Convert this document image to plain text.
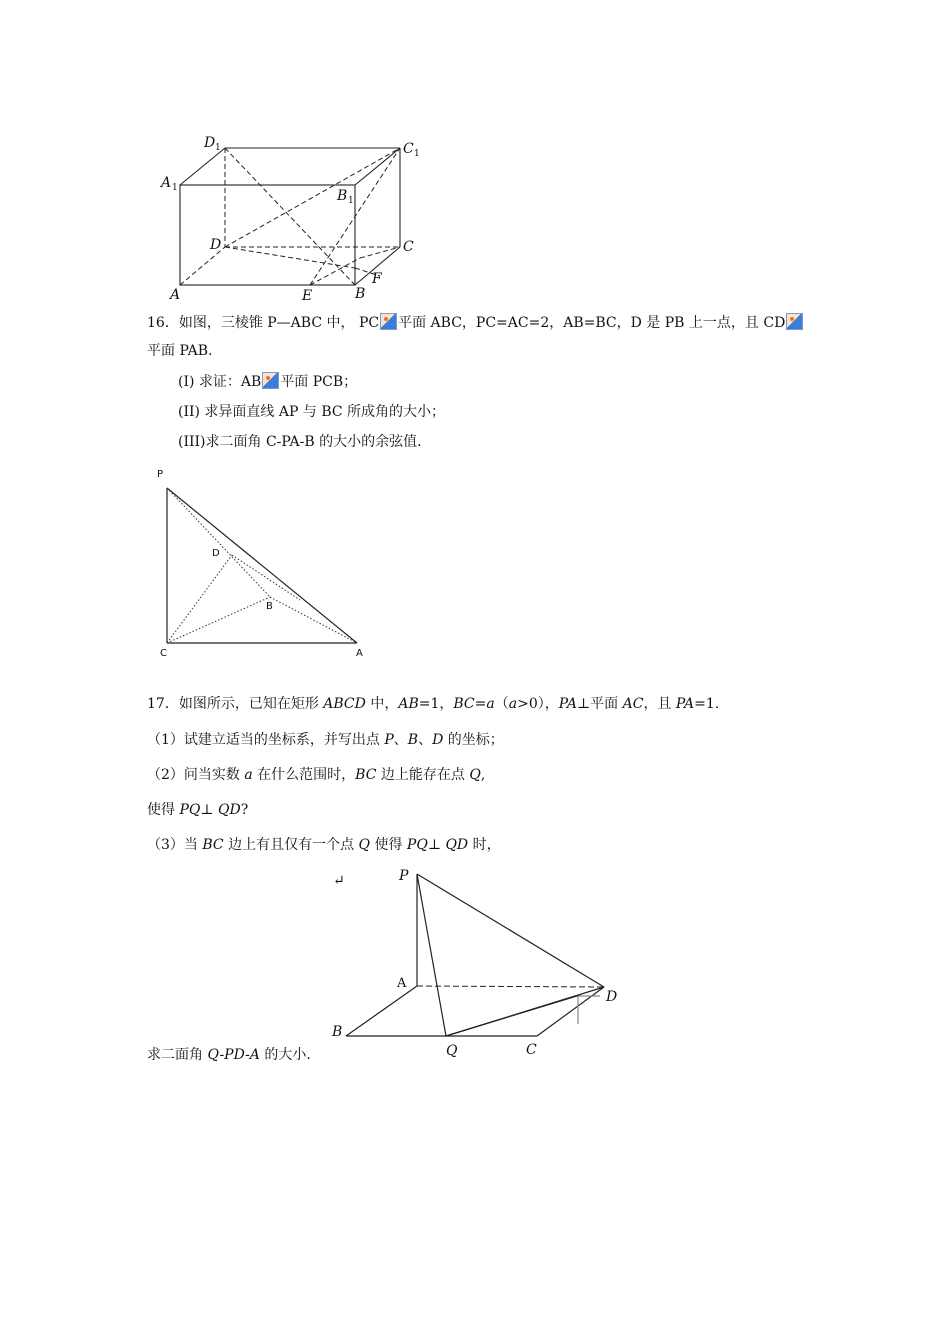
D 1	C 1
A 1	B 1
D	C
A	E	B
F
16．如图，三棱锥 P—ABC 中， PC 平面 ABC，PC=AC=2，AB=BC，D 是 PB 上一点，且 CD
平面 PAB.
(I) 求证：AB 平面 PCB；
(II) 求异面直线 AP 与 BC 所成角的大小；
(III)求二面角 C-PA-B 的大小的余弦值．
P
D
B
C	A
17．如图所示，已知在矩形 ABCD 中，AB=1，BC=a（a>0），PA⊥平面 AC，且 PA=1.
（1）试建立适当的坐标系，并写出点 P、B、D 的坐标；
（2）问当实数 a 在什么范围时，BC 边上能存在点 Q,
使得 PQ⊥ QD?
（3）当 BC 边上有且仅有一个点 Q 使得 PQ⊥ QD 时，
求二面角 Q-PD-A 的大小.
↵	P
A
D
B
Q	C
